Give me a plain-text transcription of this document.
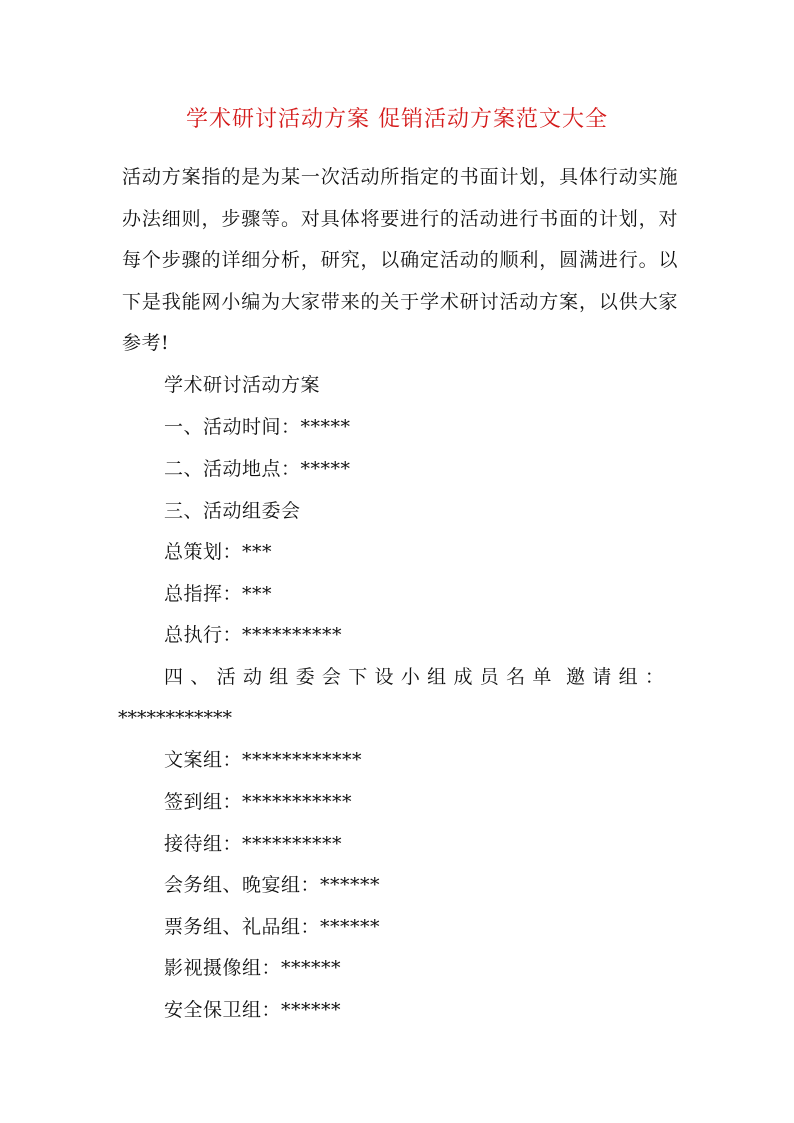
学术研讨活动方案 促销活动方案范文大全
活动方案指的是为某一次活动所指定的书面计划，具体行动实施办法细则，步骤等。对具体将要进行的活动进行书面的计划，对每个步骤的详细分析，研究，以确定活动的顺利，圆满进行。以下是我能网小编为大家带来的关于学术研讨活动方案，以供大家参考!
学术研讨活动方案
一、活动时间：*****
二、活动地点：*****
三、活动组委会
总策划：***
总指挥：***
总执行：**********
四 、 活 动 组 委 会 下 设 小 组 成 员 名 单 邀 请 组 ：
************
文案组：************
签到组：***********
接待组：**********
会务组、晚宴组：******
票务组、礼品组：******
影视摄像组：******
安全保卫组：******
